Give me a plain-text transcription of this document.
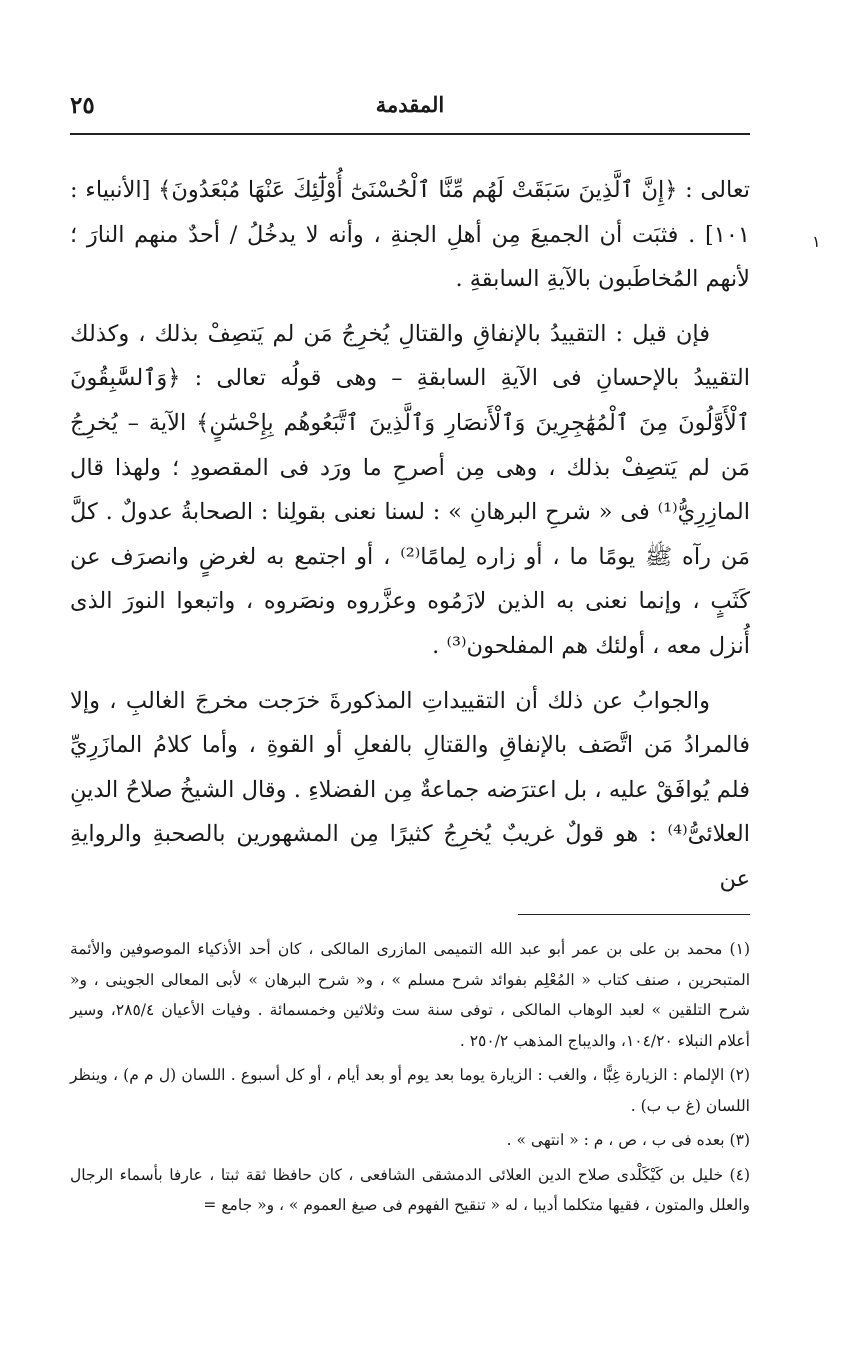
٢٥	المقدمة
١

تعالى : ﴿إِنَّ ٱلَّذِينَ سَبَقَتْ لَهُم مِّنَّا ٱلْحُسْنَىٰٓ أُوْلَٰٓئِكَ عَنْهَا مُبْعَدُونَ﴾ [الأنبياء : ١٠١] . فثبَت أن الجميعَ مِن أهلِ الجنةِ ، وأنه لا يدخُلُ / أحدٌ منهم النارَ ؛ لأنهم المُخاطَبون بالآيةِ السابقةِ .

فإن قيل : التقييدُ بالإنفاقِ والقتالِ يُخرِجُ مَن لم يَتصِفْ بذلك ، وكذلك التقييدُ بالإحسانِ فى الآيةِ السابقةِ – وهى قولُه تعالى : ﴿وَٱلسَّٰبِقُونَ ٱلْأَوَّلُونَ مِنَ ٱلْمُهَٰجِرِينَ وَٱلْأَنصَارِ وَٱلَّذِينَ ٱتَّبَعُوهُم بِإِحْسَٰنٍ﴾ الآية – يُخرِجُ مَن لم يَتصِفْ بذلك ، وهى مِن أصرحِ ما ورَد فى المقصودِ ؛ ولهذا قال المازِرِيُّ⁽¹⁾ فى « شرحِ البرهانِ » : لسنا نعنى بقولِنا : الصحابةُ عدولٌ . كلَّ مَن رآه ﷺ يومًا ما ، أو زاره لِمامًا⁽²⁾ ، أو اجتمع به لغرضٍ وانصرَف عن كَثَبٍ ، وإنما نعنى به الذين لازَمُوه وعزَّروه ونصَروه ، واتبعوا النورَ الذى أُنزل معه ، أولئك هم المفلحون⁽³⁾ .

والجوابُ عن ذلك أن التقييداتِ المذكورةَ خرَجت مخرجَ الغالبِ ، وإلا فالمرادُ مَن اتَّصَف بالإنفاقِ والقتالِ بالفعلِ أو القوةِ ، وأما كلامُ المازَرِيِّ فلم يُوافَقْ عليه ، بل اعترَضه جماعةٌ مِن الفضلاءِ . وقال الشيخُ صلاحُ الدينِ العلائىُّ⁽⁴⁾ : هو قولٌ غريبٌ يُخرِجُ كثيرًا مِن المشهورين بالصحبةِ والروايةِ عن

(١) محمد بن على بن عمر أبو عبد الله التميمى المازرى المالكى ، كان أحد الأذكياء الموصوفين والأئمة المتبحرين ، صنف كتاب « المُعْلِم بفوائد شرح مسلم » ، و« شرح البرهان » لأبى المعالى الجوينى ، و« شرح التلقين » لعبد الوهاب المالكى ، توفى سنة ست وثلاثين وخمسمائة . وفيات الأعيان ٢٨٥/٤، وسير أعلام النبلاء ١٠٤/٢٠، والديباج المذهب ٢٥٠/٢ .

(٢) الإلمام : الزيارة غِبًّا ، والغب : الزيارة يوما بعد يوم أو بعد أيام ، أو كل أسبوع . اللسان (ل م م) ، وينظر اللسان (غ ب ب) .

(٣) بعده فى ب ، ص ، م : « انتهى » .

(٤) خليل بن كَيْكَلْدى صلاح الدين العلائى الدمشقى الشافعى ، كان حافظا ثقة ثبتا ، عارفا بأسماء الرجال والعلل والمتون ، فقيها متكلما أديبا ، له « تنقيح الفهوم فى صيغ العموم » ، و« جامع =
